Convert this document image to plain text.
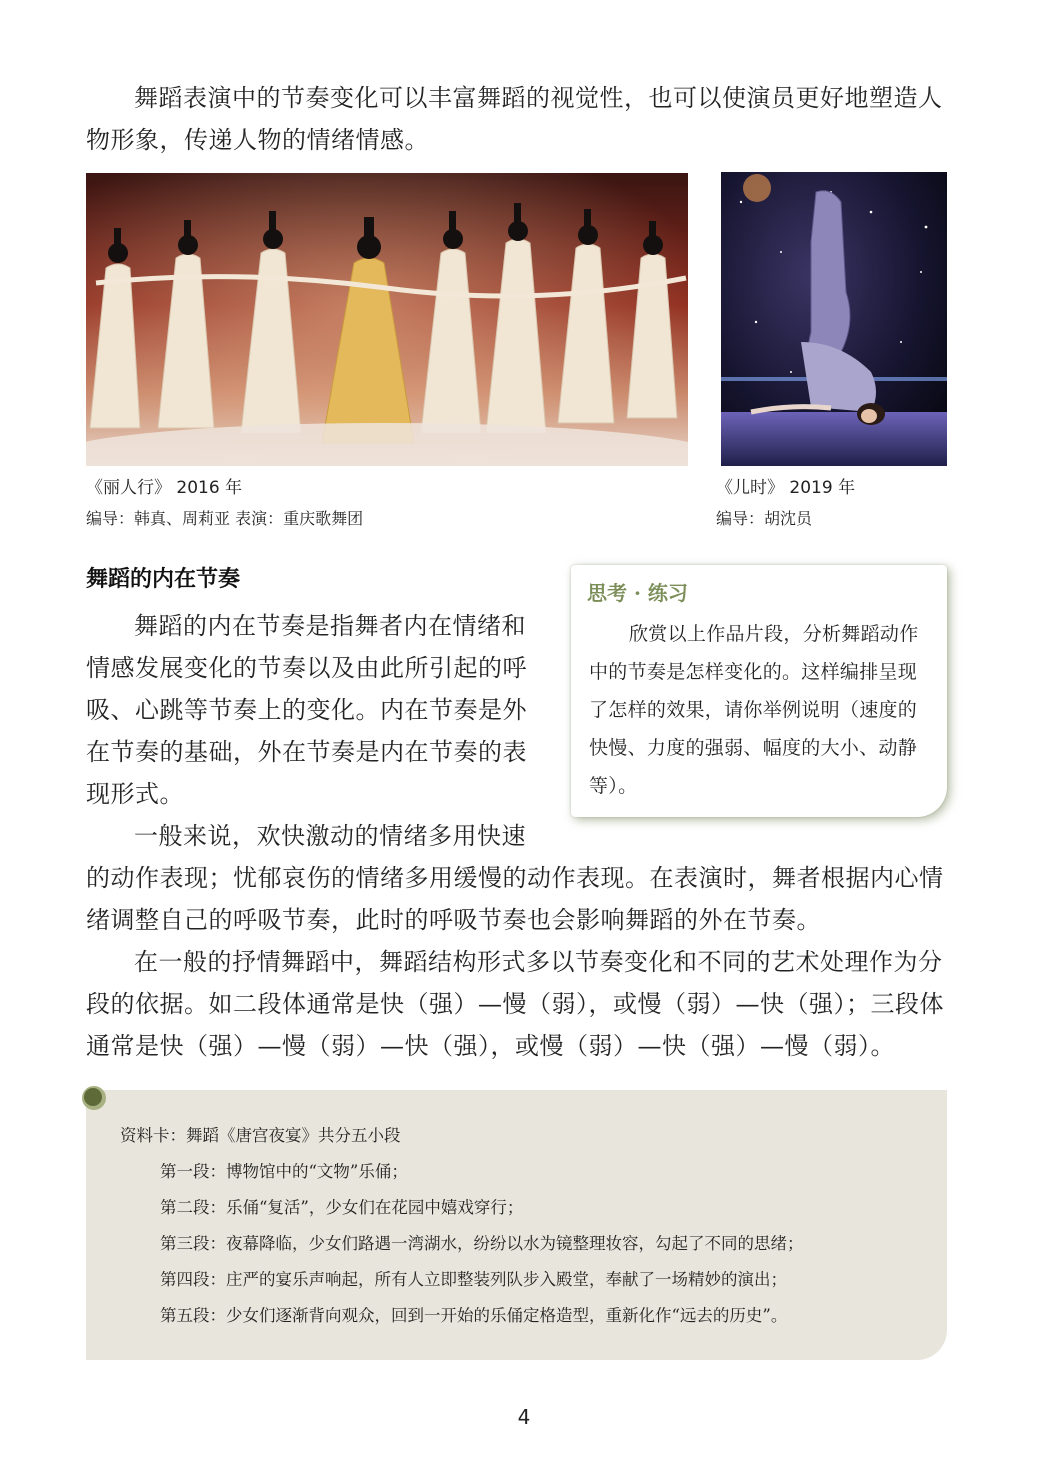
舞蹈表演中的节奏变化可以丰富舞蹈的视觉性，也可以使演员更好地塑造人物形象，传递人物的情绪情感。

《丽人行》 2016 年
编导：韩真、周莉亚 表演：重庆歌舞团
《儿时》 2019 年
编导：胡沈员
舞蹈的内在节奏

舞蹈的内在节奏是指舞者内在情绪和情感发展变化的节奏以及由此所引起的呼吸、心跳等节奏上的变化。内在节奏是外在节奏的基础，外在节奏是内在节奏的表现形式。

一般来说，欢快激动的情绪多用快速

的动作表现；忧郁哀伤的情绪多用缓慢的动作表现。在表演时，舞者根据内心情绪调整自己的呼吸节奏，此时的呼吸节奏也会影响舞蹈的外在节奏。

在一般的抒情舞蹈中，舞蹈结构形式多以节奏变化和不同的艺术处理作为分段的依据。如二段体通常是快（强）—慢（弱），或慢（弱）—快（强）；三段体通常是快（强）—慢（弱）—快（强），或慢（弱）—快（强）—慢（弱）。

思考 · 练习

欣赏以上作品片段，分析舞蹈动作中的节奏是怎样变化的。这样编排呈现了怎样的效果，请你举例说明（速度的快慢、力度的强弱、幅度的大小、动静等）。

资料卡：舞蹈《唐宫夜宴》共分五小段
第一段：博物馆中的“文物”乐俑；
第二段：乐俑“复活”，少女们在花园中嬉戏穿行；
第三段：夜幕降临，少女们路遇一湾湖水，纷纷以水为镜整理妆容，勾起了不同的思绪；
第四段：庄严的宴乐声响起，所有人立即整装列队步入殿堂，奉献了一场精妙的演出；
第五段：少女们逐渐背向观众，回到一开始的乐俑定格造型，重新化作“远去的历史”。
4
